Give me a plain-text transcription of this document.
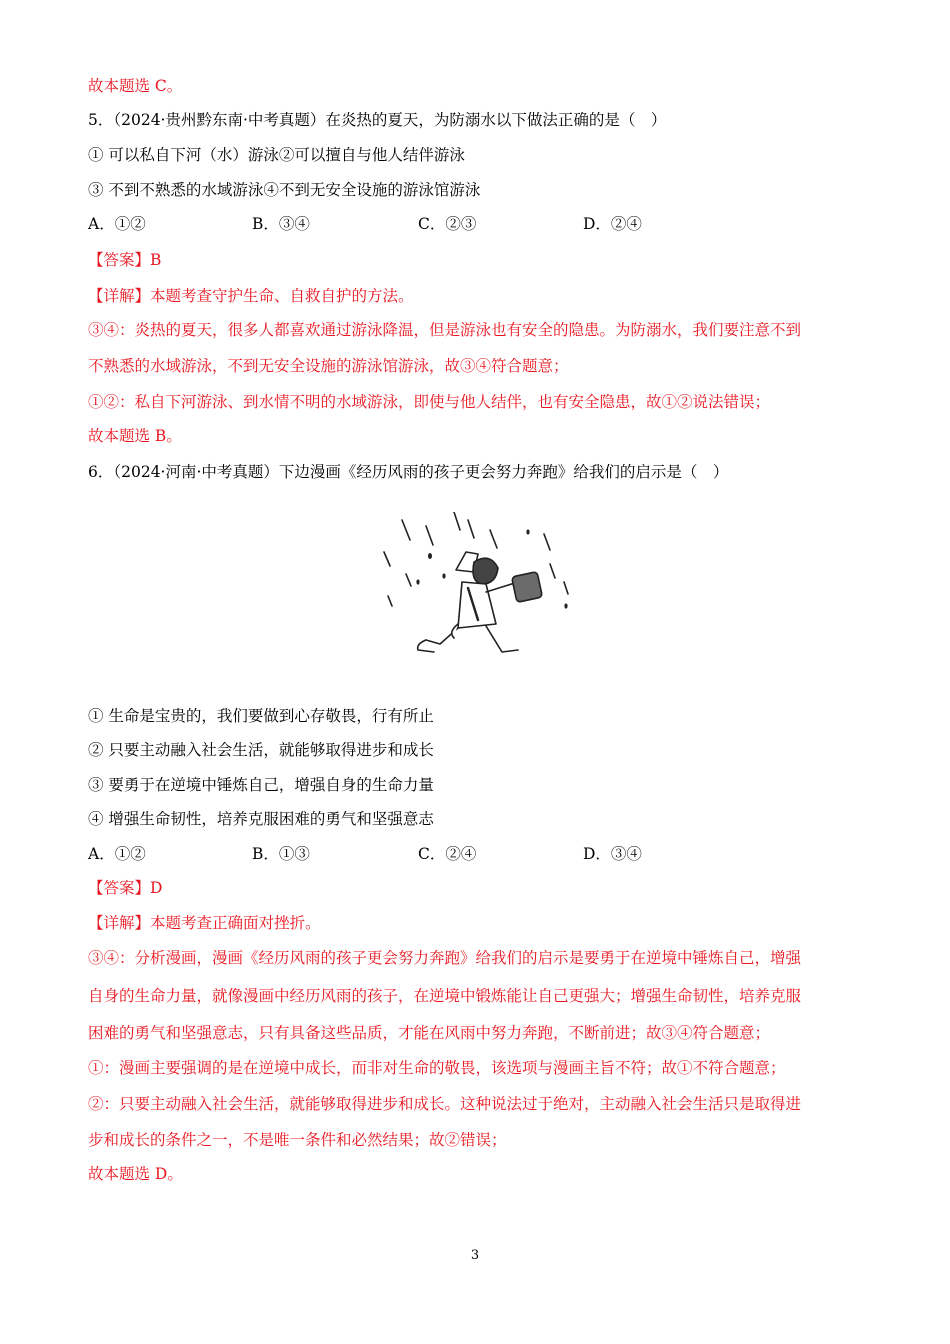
故本题选 C。
5．（2024·贵州黔东南·中考真题）在炎热的夏天，为防溺水以下做法正确的是（　）
① 可以私自下河（水）游泳②可以擅自与他人结伴游泳
③ 不到不熟悉的水域游泳④不到无安全设施的游泳馆游泳
A．①②	B．③④	C．②③	D．②④
【答案】B
【详解】本题考查守护生命、自救自护的方法。
③④：炎热的夏天，很多人都喜欢通过游泳降温，但是游泳也有安全的隐患。为防溺水，我们要注意不到
不熟悉的水域游泳，不到无安全设施的游泳馆游泳，故③④符合题意；
①②：私自下河游泳、到水情不明的水域游泳，即使与他人结伴，也有安全隐患，故①②说法错误；
故本题选 B。
6．（2024·河南·中考真题）下边漫画《经历风雨的孩子更会努力奔跑》给我们的启示是（　）
① 生命是宝贵的，我们要做到心存敬畏，行有所止
② 只要主动融入社会生活，就能够取得进步和成长
③ 要勇于在逆境中锤炼自己，增强自身的生命力量
④ 增强生命韧性，培养克服困难的勇气和坚强意志
A．①②	B．①③	C．②④	D．③④
【答案】D
【详解】本题考查正确面对挫折。
③④：分析漫画，漫画《经历风雨的孩子更会努力奔跑》给我们的启示是要勇于在逆境中锤炼自己，增强
自身的生命力量，就像漫画中经历风雨的孩子，在逆境中锻炼能让自己更强大；增强生命韧性，培养克服
困难的勇气和坚强意志，只有具备这些品质，才能在风雨中努力奔跑，不断前进；故③④符合题意；
①：漫画主要强调的是在逆境中成长，而非对生命的敬畏，该选项与漫画主旨不符；故①不符合题意；
②：只要主动融入社会生活，就能够取得进步和成长。这种说法过于绝对，主动融入社会生活只是取得进
步和成长的条件之一，不是唯一条件和必然结果；故②错误；
故本题选 D。
3
